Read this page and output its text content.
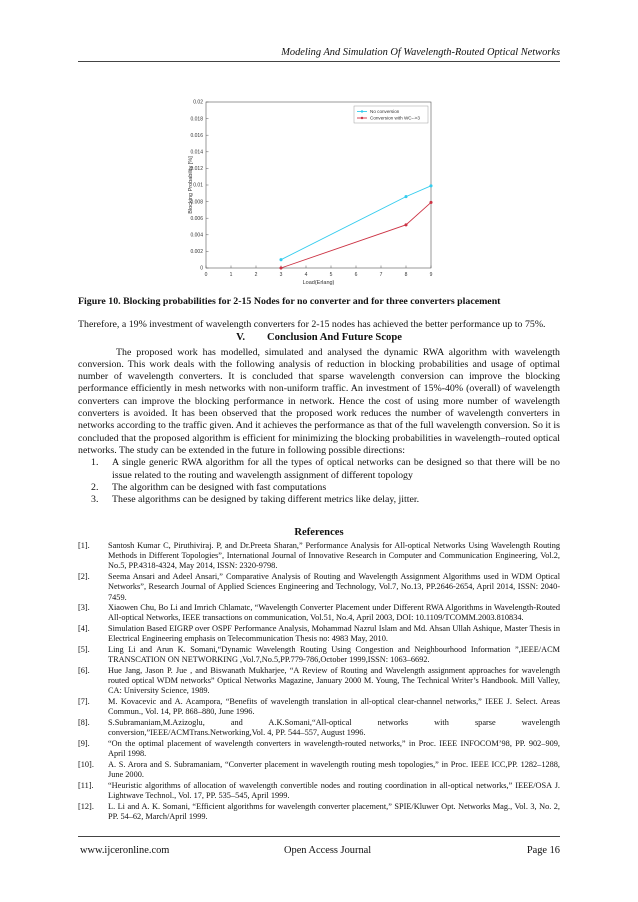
Modeling And Simulation Of Wavelength-Routed Optical Networks
0	1	2	3	4	5	6	7	8	9
0
0.002
0.004
0.006
0.008
0.01
0.012
0.014
0.016
0.018
0.02
Load(Erlang)
Blocking Probability [%]
No conversion
Conversion with WC-->3
Figure 10. Blocking probabilities for 2-15 Nodes for no converter and for three converters placement

Therefore, a 19% investment of wavelength converters for 2-15 nodes has achieved the better performance up to 75%.

V. Conclusion And Future Scope

The proposed work has modelled, simulated and analysed the dynamic RWA algorithm with wavelength conversion. This work deals with the following analysis of reduction in blocking probabilities and usage of optimal number of wavelength converters. It is concluded that sparse wavelength conversion can improve the blocking performance efficiently in mesh networks with non-uniform traffic. An investment of 15%-40% (overall) of wavelength converters can improve the blocking performance in network. Hence the cost of using more number of wavelength converters is avoided. It has been observed that the proposed work reduces the number of wavelength converters in networks according to the traffic given. And it achieves the performance as that of the full wavelength conversion. So it is concluded that the proposed algorithm is efficient for minimizing the blocking probabilities in wavelength–routed optical networks. The study can be extended in the future in following possible directions:

1. A single generic RWA algorithm for all the types of optical networks can be designed so that there will be no issue related to the routing and wavelength assignment of different topology
2. The algorithm can be designed with fast computations
3. These algorithms can be designed by taking different metrics like delay, jitter.
References
[1]. Santosh Kumar C, Piruthiviraj. P, and Dr.Preeta Sharan,” Performance Analysis for All-optical Networks Using Wavelength Routing Methods in Different Topologies”, International Journal of Innovative Research in Computer and Communication Engineering, Vol.2, No.5, PP.4318-4324, May 2014, ISSN: 2320-9798.
[2]. Seema Ansari and Adeel Ansari,” Comparative Analysis of Routing and Wavelength Assignment Algorithms used in WDM Optical Networks”, Research Journal of Applied Sciences Engineering and Technology, Vol.7, No.13, PP.2646-2654, April 2014, ISSN: 2040-7459.
[3]. Xiaowen Chu, Bo Li and Imrich Chlamatc, “Wavelength Converter Placement under Different RWA Algorithms in Wavelength-Routed All-optical Networks, IEEE transactions on communication, Vol.51, No.4, April 2003, DOI: 10.1109/TCOMM.2003.810834.
[4]. Simulation Based EIGRP over OSPF Performance Analysis, Mohammad Nazrul Islam and Md. Ahsan Ullah Ashique, Master Thesis in Electrical Engineering emphasis on Telecommunication Thesis no: 4983 May, 2010.
[5]. Ling Li and Arun K. Somani,“Dynamic Wavelength Routing Using Congestion and Neighbourhood Information ”,IEEE/ACM TRANSCATION ON NETWORKING ,Vol.7,No.5,PP.779-786,October 1999,ISSN: 1063–6692.
[6]. Hue Jang, Jason P. Jue , and Biswanath Mukharjee, “A Review of Routing and Wavelength assignment approaches for wavelength routed optical WDM networks” Optical Networks Magazine, January 2000 M. Young, The Technical Writer’s Handbook. Mill Valley, CA: University Science, 1989.
[7]. M. Kovacevic and A. Acampora, “Benefits of wavelength translation in all-optical clear-channel networks,” IEEE J. Select. Areas Commun., Vol. 14, PP. 868–880, June 1996.
[8]. S.Subramaniam,M.Azizoglu, and A.K.Somani,“All-optical networks with sparse wavelength conversion,”IEEE/ACMTrans.Networking,Vol. 4, PP. 544–557, August 1996.
[9]. “On the optimal placement of wavelength converters in wavelength-routed networks,” in Proc. IEEE INFOCOM’98, PP. 902–909, April 1998.
[10]. A. S. Arora and S. Subramaniam, “Converter placement in wavelength routing mesh topologies,” in Proc. IEEE ICC,PP. 1282–1288, June 2000.
[11]. “Heuristic algorithms of allocation of wavelength convertible nodes and routing coordination in all-optical networks,” IEEE/OSA J. Lightwave Technol., Vol. 17, PP. 535–545, April 1999.
[12]. L. Li and A. K. Somani, “Efficient algorithms for wavelength converter placement,” SPIE/Kluwer Opt. Networks Mag., Vol. 3, No. 2, PP. 54–62, March/April 1999.
www.ijceronline.com	Open Access Journal	Page 16
